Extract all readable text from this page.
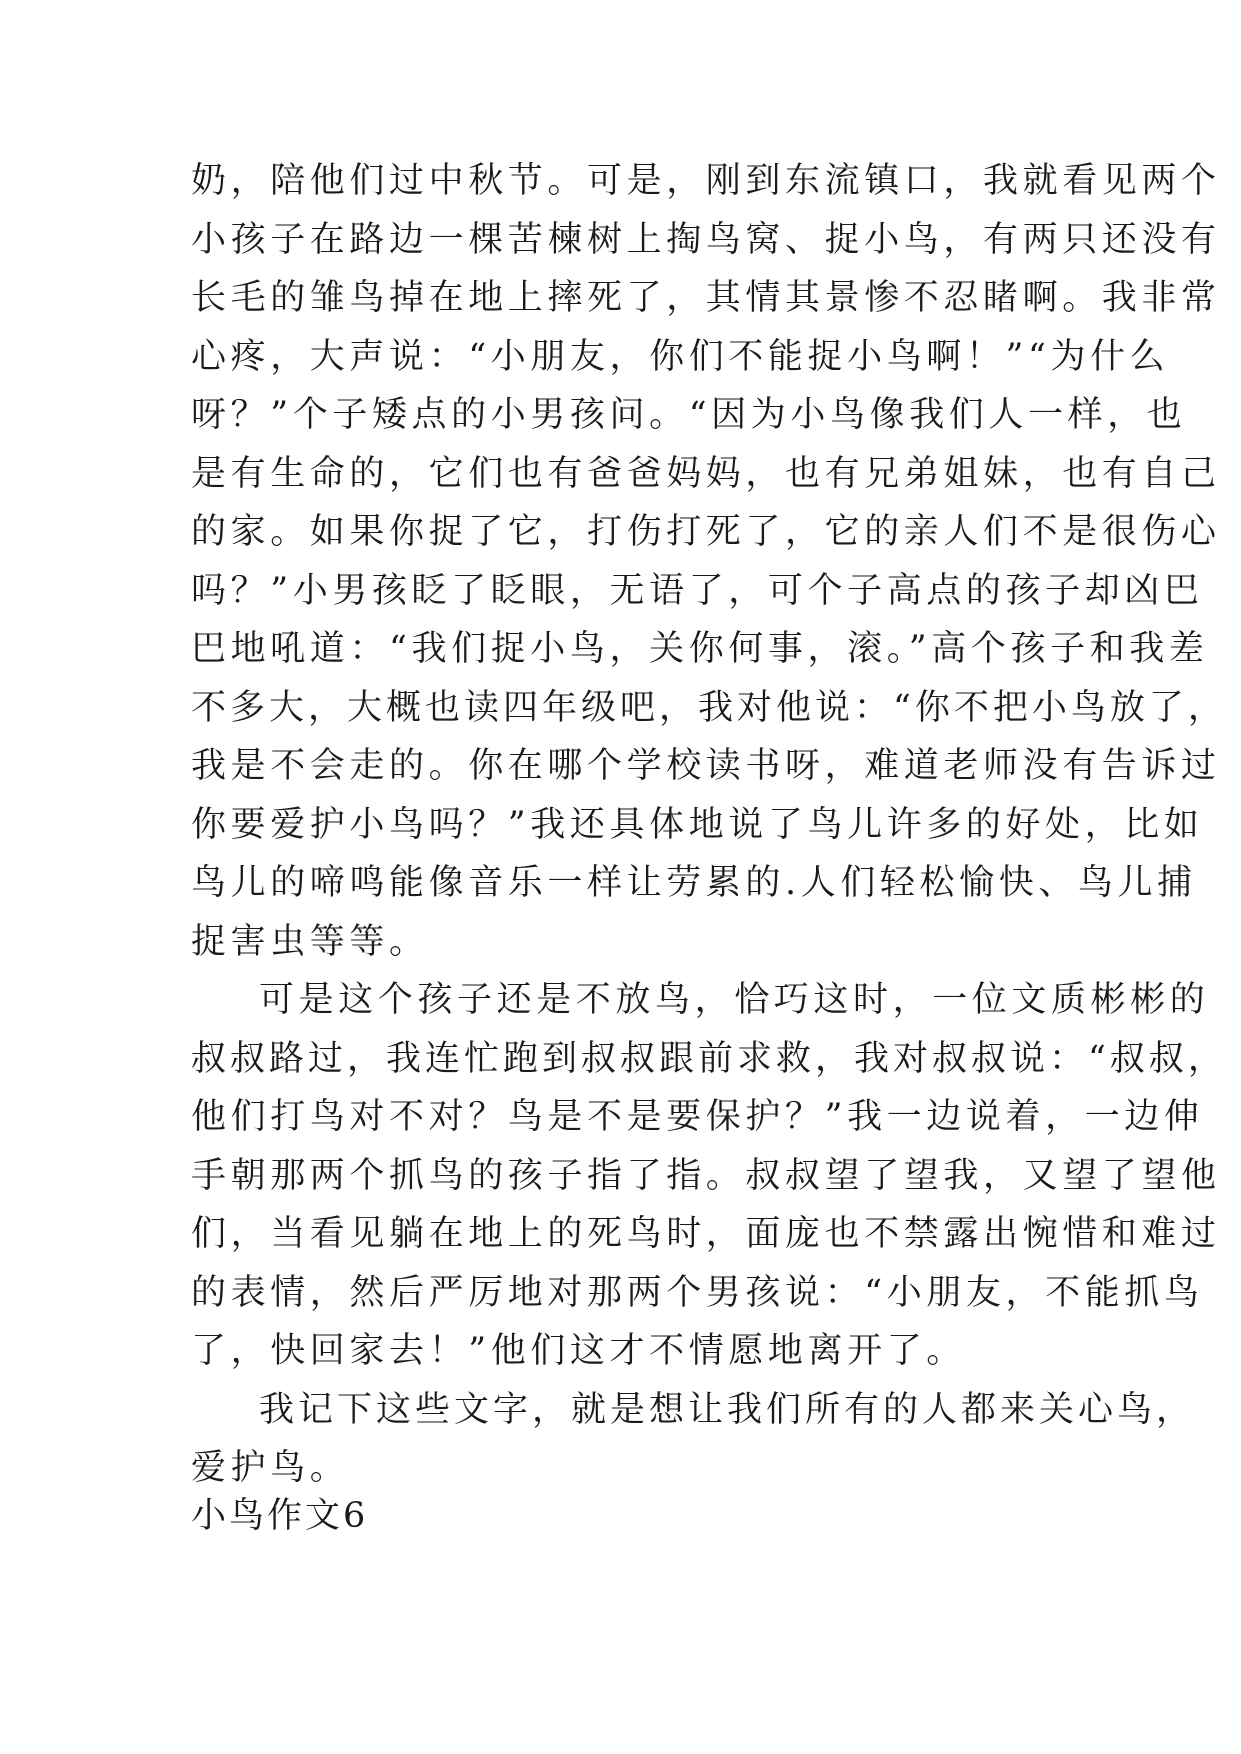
奶，陪他们过中秋节。可是，刚到东流镇口，我就看见两个
小孩子在路边一棵苦楝树上掏鸟窝、捉小鸟，有两只还没有
长毛的雏鸟掉在地上摔死了，其情其景惨不忍睹啊。我非常
心疼，大声说：“小朋友，你们不能捉小鸟啊！”“为什么
呀？”个子矮点的小男孩问。“因为小鸟像我们人一样，也
是有生命的，它们也有爸爸妈妈，也有兄弟姐妹，也有自己
的家。如果你捉了它，打伤打死了，它的亲人们不是很伤心
吗？”小男孩眨了眨眼，无语了，可个子高点的孩子却凶巴
巴地吼道：“我们捉小鸟，关你何事，滚。”高个孩子和我差
不多大，大概也读四年级吧，我对他说：“你不把小鸟放了，
我是不会走的。你在哪个学校读书呀，难道老师没有告诉过
你要爱护小鸟吗？”我还具体地说了鸟儿许多的好处，比如
鸟儿的啼鸣能像音乐一样让劳累的.人们轻松愉快、鸟儿捕
捉害虫等等。
可是这个孩子还是不放鸟，恰巧这时，一位文质彬彬的
叔叔路过，我连忙跑到叔叔跟前求救，我对叔叔说：“叔叔，
他们打鸟对不对？鸟是不是要保护？”我一边说着，一边伸
手朝那两个抓鸟的孩子指了指。叔叔望了望我，又望了望他
们，当看见躺在地上的死鸟时，面庞也不禁露出惋惜和难过
的表情，然后严厉地对那两个男孩说：“小朋友，不能抓鸟
了，快回家去！”他们这才不情愿地离开了。
我记下这些文字，就是想让我们所有的人都来关心鸟，
爱护鸟。
小鸟作文6
